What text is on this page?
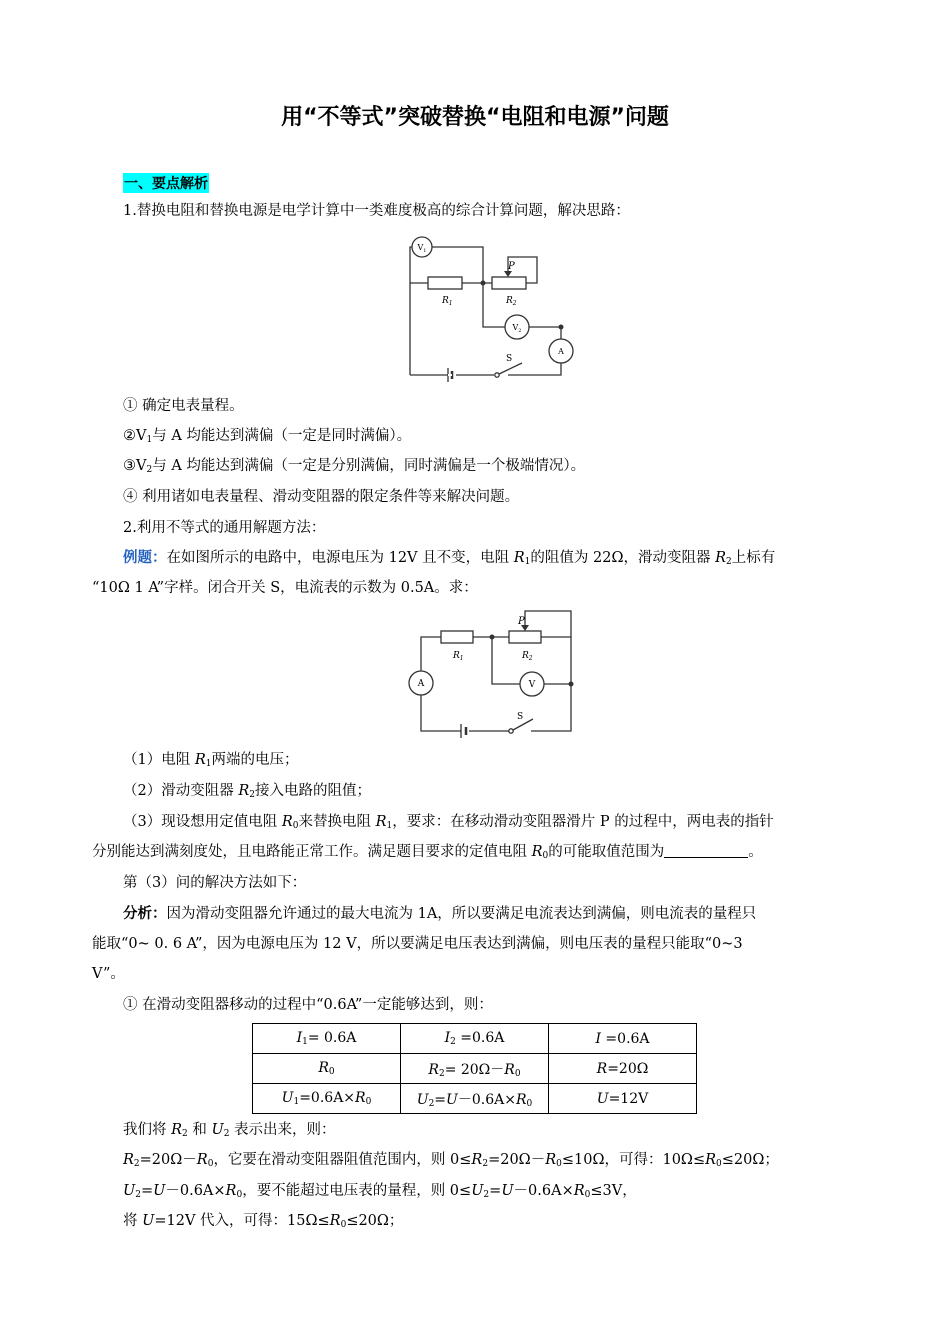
用“不等式”突破替换“电阻和电源”问题
一、要点解析
1.替换电阻和替换电源是电学计算中一类难度极高的综合计算问题，解决思路：
$V_1$
$V_2$
A
$R_1$	$R_2$
P
S
① 确定电表量程。
$②V_1$与 A 均能达到满偏（一定是同时满偏）。
$③V_2$与 A 均能达到满偏（一定是分别满偏，同时满偏是一个极端情况）。
④ 利用诸如电表量程、滑动变阻器的限定条件等来解决问题。
2.利用不等式的通用解题方法：
例题：在如图所示的电路中，电源电压为 12V 且不变，电阻 $R_1$的阻值为 22Ω，滑动变阻器 $R_2$上标有
“10Ω 1 A”字样。闭合开关 S，电流表的示数为 0.5A。求：
A	V
$R_1$	$R_2$
P
S
（1）电阻 $R_1$两端的电压；
（2）滑动变阻器 $R_2$接入电路的阻值；
（3）现设想用定值电阻 $R_0$来替换电阻 $R_1$，要求：在移动滑动变阻器滑片 P 的过程中，两电表的指针
分别能达到满刻度处，且电路能正常工作。满足题目要求的定值电阻 $R_0$的可能取值范围为	。
第（3）问的解决方法如下：
分析：因为滑动变阻器允许通过的最大电流为 1A，所以要满足电流表达到满偏，则电流表的量程只
能取“0~ 0. 6 A”，因为电源电压为 12 V，所以要满足电压表达到满偏，则电压表的量程只能取“0~3
V”。
① 在滑动变阻器移动的过程中“0.6A”一定能够达到，则：
$I_1= 0.6A$	$I_2 =0.6A$	I =0.6A
$R_0$	$R_2= 20\Omega-R_0$	R=20Ω
$U_1=0.6A\times R_0$	$U_2=U-0.6A\times R_0$	U=12V
我们将 $R_2$ 和 $U_2$ 表示出来，则：
$R_2=20\Omega-R_0$，它要在滑动变阻器阻值范围内，则 $0\le R_2=20\Omega-R_0\le 10\Omega$，可得：$10\Omega\le R_0\le 20\Omega$；
$U_2=U-0.6A\times R_0$，要不能超过电压表的量程，则 $0\le U_2=U-0.6A\times R_0\le 3V$，
将 U=12V 代入，可得：$15\Omega\le R_0\le 20\Omega$；
